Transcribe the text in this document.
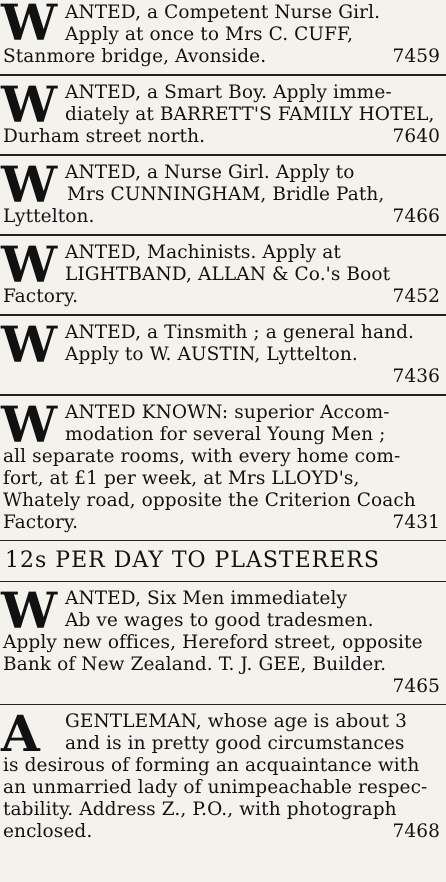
W ANTED, a Competent Nurse Girl.

Apply at once to Mrs C. CUFF,

Stanmore bridge, Avonside.	7459

W ANTED, a Smart Boy. Apply imme-

diately at BARRETT'S FAMILY HOTEL,

Durham street north.	7640

W ANTED, a Nurse Girl. Apply to

Mrs CUNNINGHAM, Bridle Path,

Lyttelton.	7466

W ANTED, Machinists. Apply at

LIGHTBAND, ALLAN & Co.'s Boot

Factory.	7452

W ANTED, a Tinsmith ; a general hand.

Apply to W. AUSTIN, Lyttelton.

7436

W ANTED KNOWN: superior Accom-

modation for several Young Men ;

all separate rooms, with every home com-

fort, at £1 per week, at Mrs LLOYD's,

Whately road, opposite the Criterion Coach

Factory.	7431

12s PER DAY TO PLASTERERS
W ANTED, Six Men immediately

Ab ve wages to good tradesmen.

Apply new offices, Hereford street, opposite

Bank of New Zealand. T. J. GEE, Builder.

7465

A	GENTLEMAN, whose age is about 3

and is in pretty good circumstances

is desirous of forming an acquaintance with

an unmarried lady of unimpeachable respec-

tability. Address Z., P.O., with photograph

enclosed.	7468
